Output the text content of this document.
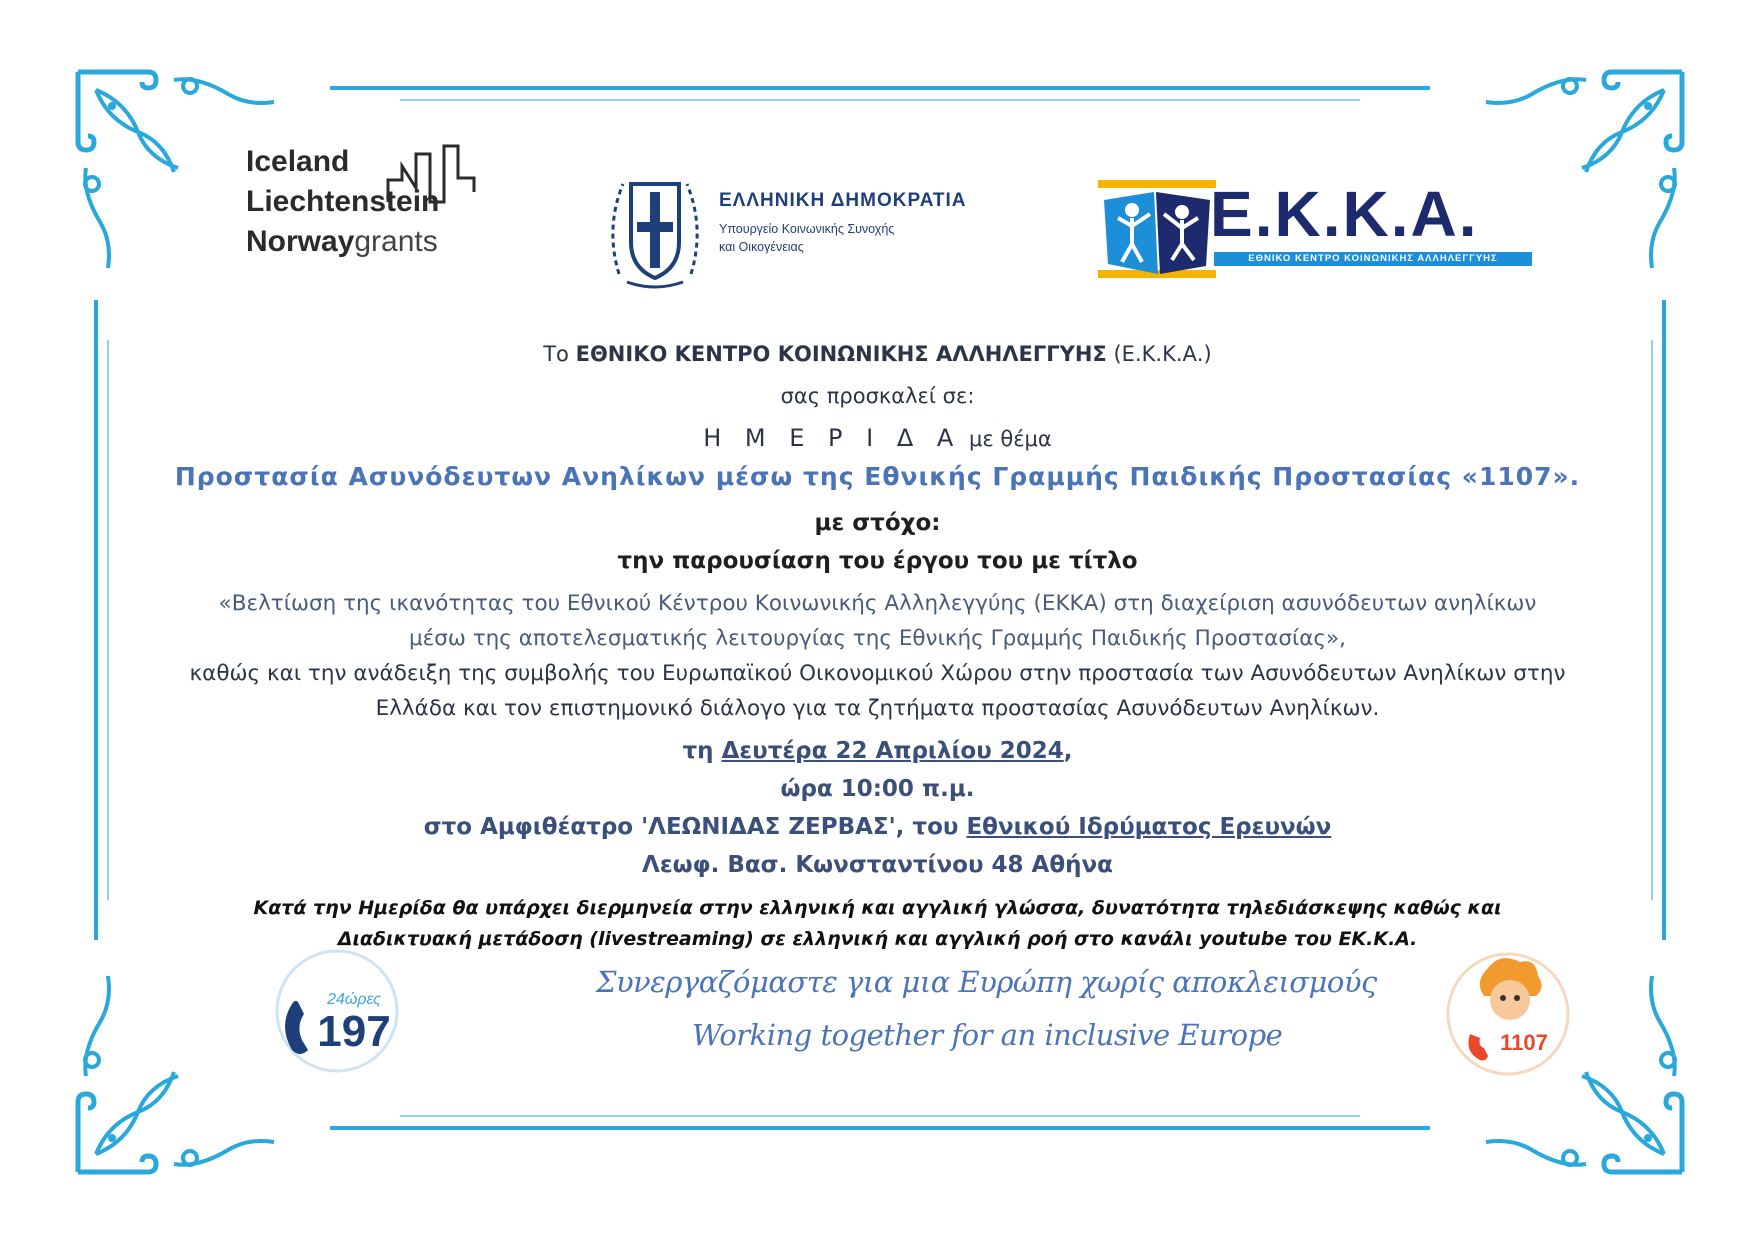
Iceland
Liechtenstein
Norwaygrants
ΕΛΛΗΝΙΚΗ ΔΗΜΟΚΡΑΤΙΑ
Υπουργείο Κοινωνικής Συνοχής
και Οικογένειας	Ε.Κ.Κ.Α.
ΕΘΝΙΚΟ ΚΕΝΤΡΟ ΚΟΙΝΩΝΙΚΗΣ ΑΛΛΗΛΕΓΓΥΗΣ
Το ΕΘΝΙΚΟ ΚΕΝΤΡΟ ΚΟΙΝΩΝΙΚΗΣ ΑΛΛΗΛΕΓΓΥΗΣ (Ε.Κ.Κ.Α.)
σας προσκαλεί σε:
Η Μ Ε Ρ Ι Δ Α με θέμα
Προστασία Ασυνόδευτων Ανηλίκων μέσω της Εθνικής Γραμμής Παιδικής Προστασίας «1107».
με στόχο:
την παρουσίαση του έργου του με τίτλο
«Βελτίωση της ικανότητας του Εθνικού Κέντρου Κοινωνικής Αλληλεγγύης (ΕΚΚΑ) στη διαχείριση ασυνόδευτων ανηλίκων
μέσω της αποτελεσματικής λειτουργίας της Εθνικής Γραμμής Παιδικής Προστασίας»,
καθώς και την ανάδειξη της συμβολής του Ευρωπαϊκού Οικονομικού Χώρου στην προστασία των Ασυνόδευτων Ανηλίκων στην
Ελλάδα και τον επιστημονικό διάλογο για τα ζητήματα προστασίας Ασυνόδευτων Ανηλίκων.
τη Δευτέρα 22 Απριλίου 2024,
ώρα 10:00 π.μ.
στο Αμφιθέατρο 'ΛΕΩΝΙΔΑΣ ΖΕΡΒΑΣ', του Εθνικού Ιδρύματος Ερευνών
Λεωφ. Βασ. Κωνσταντίνου 48 Αθήνα
Κατά την Ημερίδα θα υπάρχει διερμηνεία στην ελληνική και αγγλική γλώσσα, δυνατότητα τηλεδιάσκεψης καθώς και
Διαδικτυακή μετάδοση (livestreaming) σε ελληνική και αγγλική ροή στο κανάλι youtube του ΕΚ.Κ.Α.
Συνεργαζόμαστε για μια Ευρώπη χωρίς αποκλεισμούς
Working together for an inclusive Europe
24ώρες
197	1107
